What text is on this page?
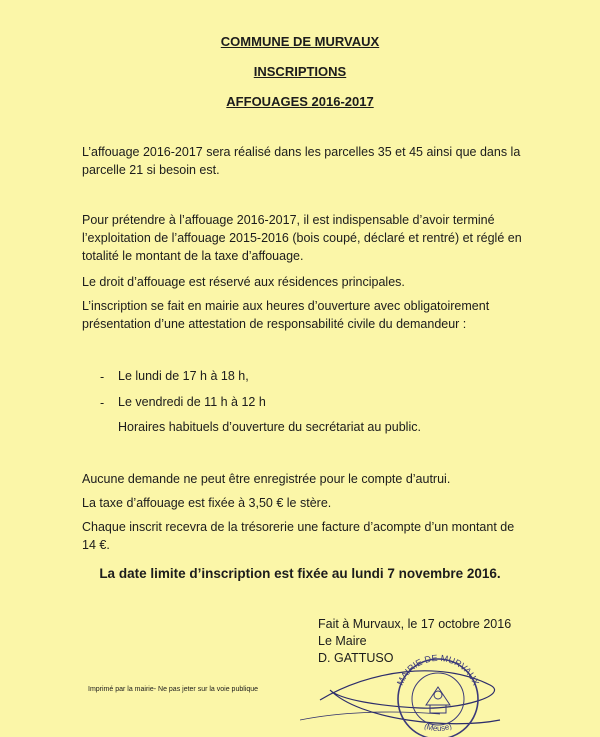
COMMUNE DE MURVAUX
INSCRIPTIONS
AFFOUAGES 2016-2017

L’affouage 2016-2017 sera réalisé dans les parcelles 35 et 45 ainsi que dans la parcelle 21 si besoin est.

Pour prétendre à l’affouage 2016-2017, il est indispensable d’avoir terminé l’exploitation de l’affouage 2015-2016 (bois coupé, déclaré et rentré) et réglé en totalité le montant de la taxe d’affouage.

Le droit d’affouage est réservé aux résidences principales.

L’inscription se fait en mairie aux heures d’ouverture avec obligatoirement présentation d’une attestation de responsabilité civile du demandeur :

- Le lundi de 17 h à 18 h,
- Le vendredi de 11 h à 12 h
Horaires habituels d’ouverture du secrétariat au public.

Aucune demande ne peut être enregistrée pour le compte d’autrui.

La taxe d’affouage est fixée à 3,50 € le stère.

Chaque inscrit recevra de la trésorerie une facture d’acompte d’un montant de 14 €.

La date limite d’inscription est fixée au lundi 7 novembre 2016.
Fait à Murvaux, le 17 octobre 2016
Le Maire
D. GATTUSO
MAIRIE DE MURVAUX
(Meuse)
Imprimé par la mairie- Ne pas jeter sur la voie publique
